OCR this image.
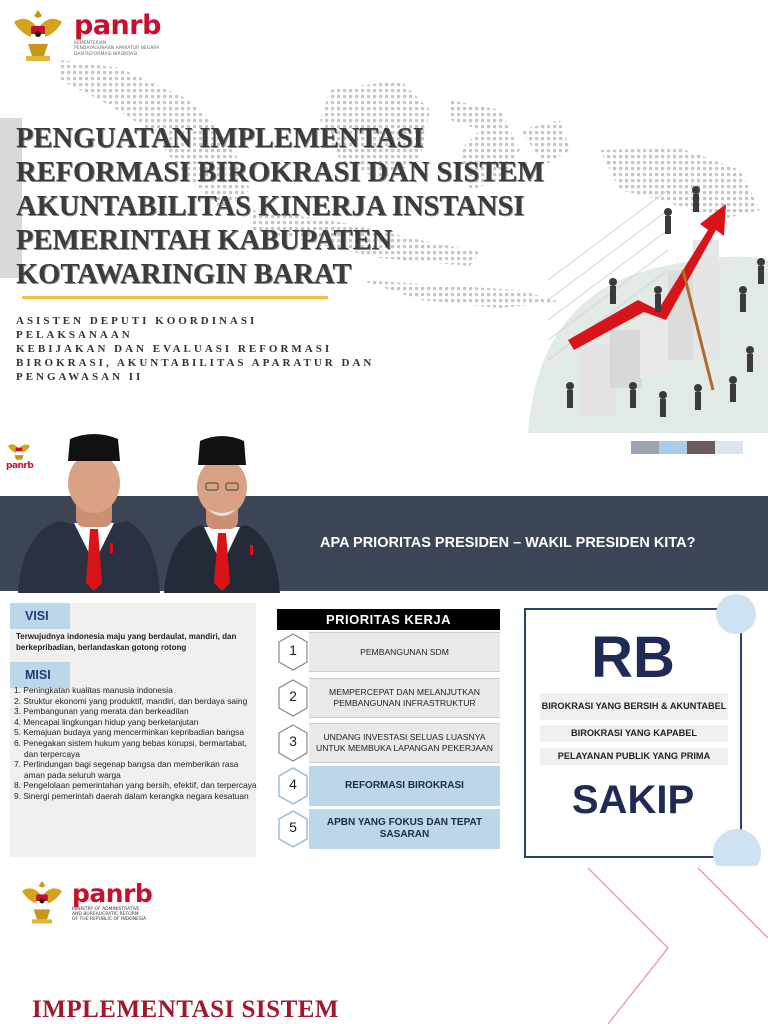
panrb
KEMENTERIAN
PENDAYAGUNAAN APARATUR NEGARA
DAN REFORMASI BIROKRASI
PENGUATAN IMPLEMENTASI
REFORMASI BIROKRASI DAN SISTEM
AKUNTABILITAS KINERJA INSTANSI
PEMERINTAH KABUPATEN
KOTAWARINGIN BARAT
ASISTEN DEPUTI KOORDINASI PELAKSANAAN
KEBIJAKAN DAN EVALUASI REFORMASI
BIROKRASI, AKUNTABILITAS APARATUR DAN
PENGAWASAN II
panrb
APA PRIORITAS PRESIDEN – WAKIL PRESIDEN KITA?
VISI
Terwujudnya indonesia maju yang berdaulat, mandiri, dan berkepribadian, berlandaskan gotong rotong
MISI
1. Peningkatan kualitas manusia indonesia
2. Struktur ekonomi yang produktif, mandiri, dan berdaya saing
3. Pembangunan yang merata dan berkeadilan
4. Mencapai lingkungan hidup yang berkelanjutan
5. Kemajuan budaya yang mencerminkan kepribadian bangsa
6. Penegakan sistem hukum yang bebas korupsi, bermartabat, dan terpercaya
7. Perlindungan bagi segenap bangsa dan memberikan rasa aman pada seluruh warga
8. Pengelolaan pemerintahan yang bersih, efektif, dan terpercaya
9. Sinergi pemerintah daerah dalam kerangka negara kesatuan
PRIORITAS KERJA
1	PEMBANGUNAN SDM
2	MEMPERCEPAT DAN MELANJUTKAN PEMBANGUNAN INFRASTRUKTUR
3	UNDANG INVESTASI SELUAS LUASNYA UNTUK MEMBUKA LAPANGAN PEKERJAAN
4	REFORMASI BIROKRASI
5	APBN YANG FOKUS DAN TEPAT SASARAN
RB
BIROKRASI YANG BERSIH & AKUNTABEL
BIROKRASI YANG KAPABEL
PELAYANAN PUBLIK YANG PRIMA
SAKIP
panrb
MINISTRY OF ADMINISTRATIVE
AND BUREAUCRATIC REFORM
OF THE REPUBLIC OF INDONESIA
IMPLEMENTASI SISTEM
